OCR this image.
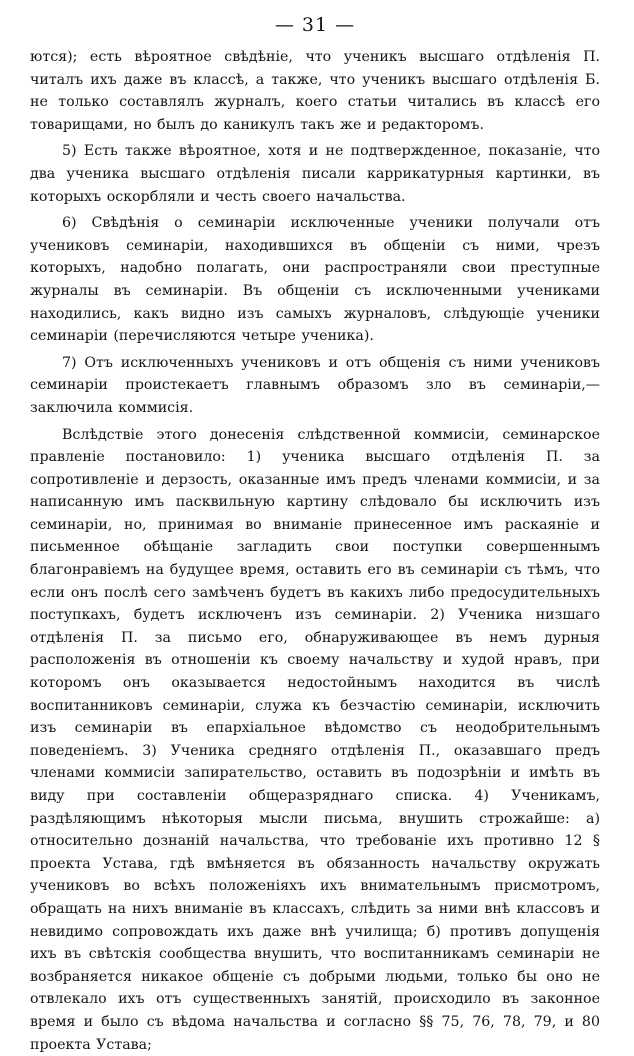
— 31 —

ются); есть вѣроятное свѣдѣніе, что ученикъ высшаго отдѣленія П. читалъ ихъ даже въ классѣ, а также, что ученикъ высшаго отдѣленія Б. не только составлялъ журналъ, коего статьи читались въ классѣ его товарищами, но былъ до каникулъ такъ же и редакторомъ.

5) Есть также вѣроятное, хотя и не подтвержденное, показаніе, что два ученика высшаго отдѣленія писали каррикатурныя картинки, въ которыхъ оскорбляли и честь своего начальства.

6) Свѣдѣнія о семинаріи исключенные ученики получали отъ учениковъ семинаріи, находившихся въ общеніи съ ними, чрезъ которыхъ, надобно полагать, они распространяли свои преступные журналы въ семинаріи. Въ общеніи съ исключенными учениками находились, какъ видно изъ самыхъ журналовъ, слѣдующіе ученики семинаріи (перечисляются четыре ученика).

7) Отъ исключенныхъ учениковъ и отъ общенія съ ними учениковъ семинаріи проистекаетъ главнымъ образомъ зло въ семинаріи,—заключила коммисія.

Вслѣдствіе этого донесенія слѣдственной коммисіи, семинарское правленіе постановило: 1) ученика высшаго отдѣленія П. за сопротивленіе и дерзость, оказанные имъ предъ членами коммисіи, и за написанную имъ пасквильную картину слѣдовало бы исключить изъ семинаріи, но, принимая во вниманіе принесенное имъ раскаяніе и письменное обѣщаніе загладить свои поступки совершеннымъ благонравіемъ на будущее время, оставить его въ семинаріи съ тѣмъ, что если онъ послѣ сего замѣченъ будетъ въ какихъ либо предосудительныхъ поступкахъ, будетъ исключенъ изъ семинаріи. 2) Ученика низшаго отдѣленія П. за письмо его, обнаруживающее въ немъ дурныя расположенія въ отношеніи къ своему начальству и худой нравъ, при которомъ онъ оказывается недостойнымъ находится въ числѣ воспитанниковъ семинаріи, служа къ безчастію семинаріи, исключить изъ семинаріи въ епархіальное вѣдомство съ неодобрительнымъ поведеніемъ. 3) Ученика средняго отдѣленія П., оказавшаго предъ членами коммисіи запирательство, оставить въ подозрѣніи и имѣть въ виду при составленіи общеразряднаго списка. 4) Ученикамъ, раздѣляющимъ нѣкоторыя мысли письма, внушить строжайше: а) относительно дознаній начальства, что требованіе ихъ противно 12 § проекта Устава, гдѣ вмѣняется въ обязанность начальству окружать учениковъ во всѣхъ положеніяхъ ихъ внимательнымъ присмотромъ, обращать на нихъ вниманіе въ классахъ, слѣдить за ними внѣ классовъ и невидимо сопровождать ихъ даже внѣ училища; б) противъ допущенія ихъ въ свѣтскія сообщества внушить, что воспитанникамъ семинаріи не возбраняется никакое общеніе съ добрыми людьми, только бы оно не отвлекало ихъ отъ существенныхъ занятій, происходило въ законное время и было съ вѣдома начальства и согласно §§ 75, 76, 78, 79, и 80 проекта Устава;
